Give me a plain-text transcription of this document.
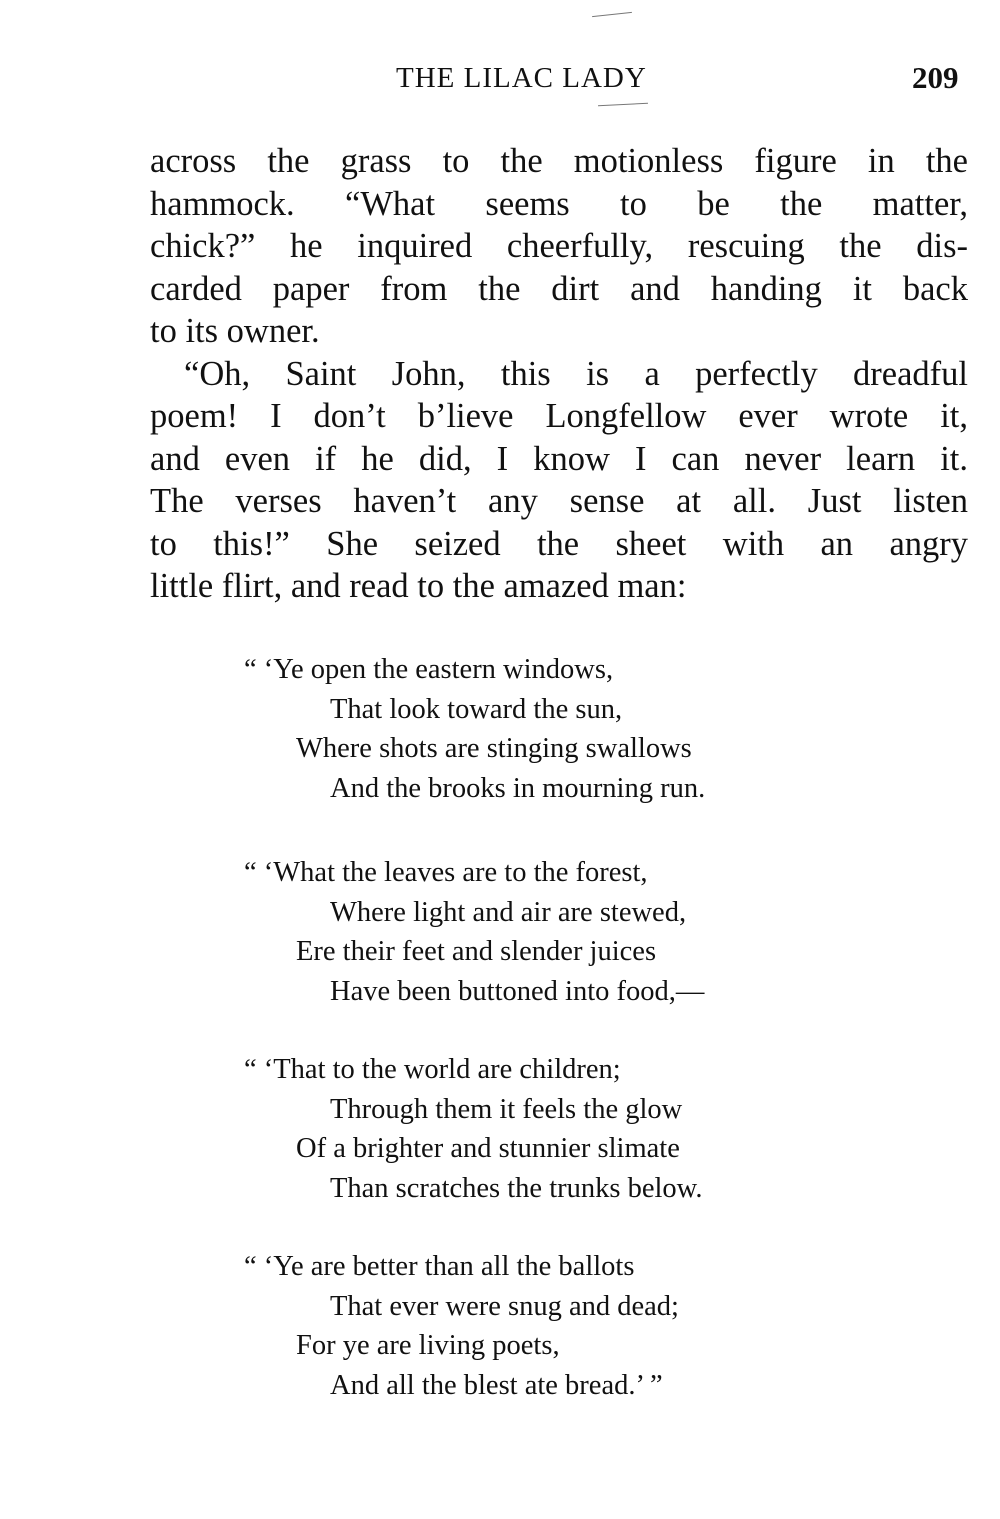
THE LILAC LADY	209
across the grass to the motionless figure in the
hammock. “What seems to be the matter,
chick?” he inquired cheerfully, rescuing the dis-
carded paper from the dirt and handing it back
to its owner.
“Oh, Saint John, this is a perfectly dreadful
poem! I don’t b’lieve Longfellow ever wrote it,
and even if he did, I know I can never learn it.
The verses haven’t any sense at all. Just listen
to this!” She seized the sheet with an angry
little flirt, and read to the amazed man:
“ ‘Ye open the eastern windows,
That look toward the sun,
Where shots are stinging swallows
And the brooks in mourning run.
“ ‘What the leaves are to the forest,
Where light and air are stewed,
Ere their feet and slender juices
Have been buttoned into food,—
“ ‘That to the world are children;
Through them it feels the glow
Of a brighter and stunnier slimate
Than scratches the trunks below.
“ ‘Ye are better than all the ballots
That ever were snug and dead;
For ye are living poets,
And all the blest ate bread.’ ”
